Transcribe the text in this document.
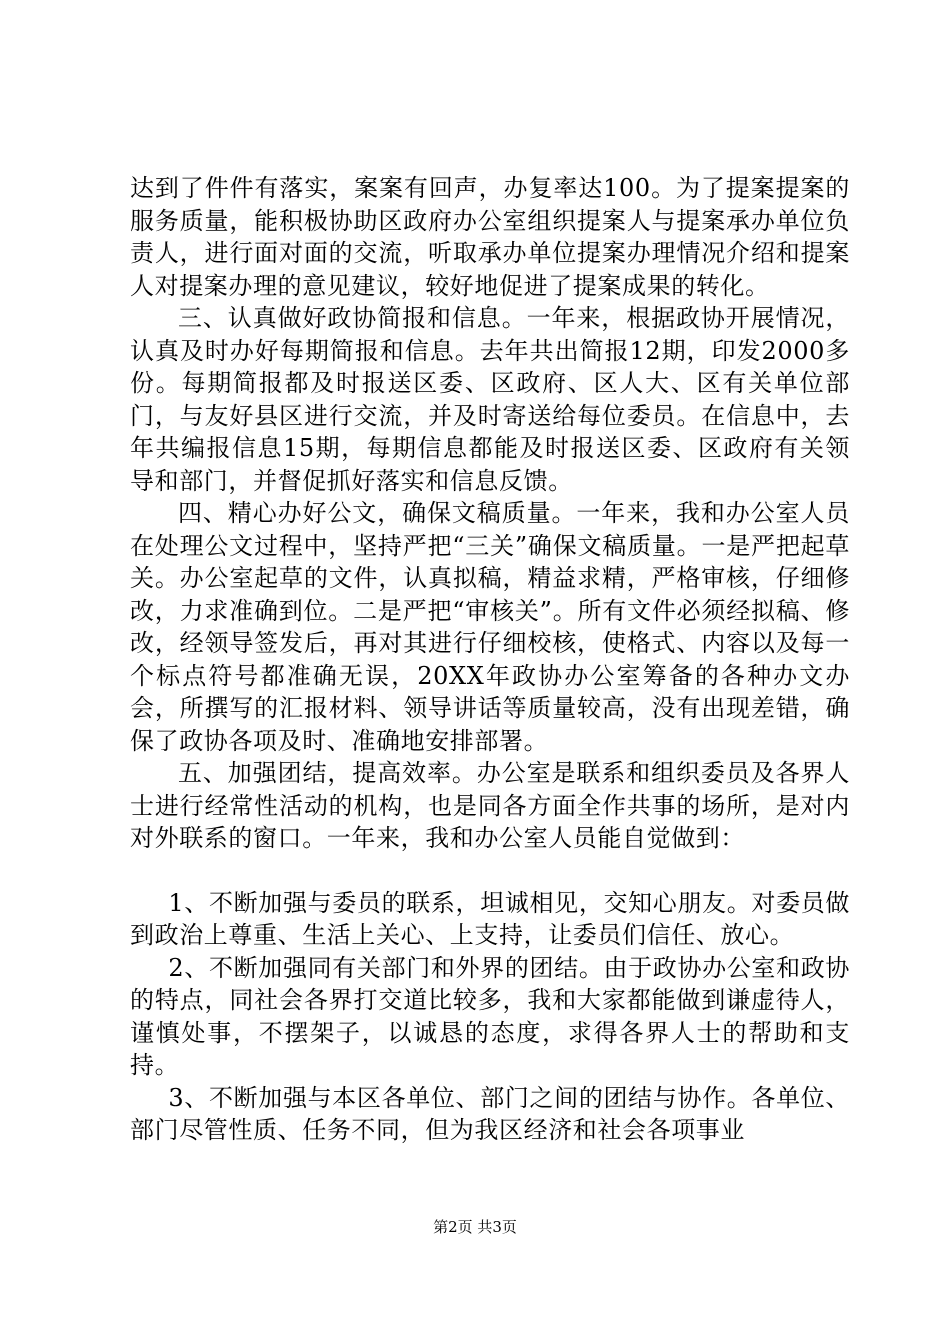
达到了件件有落实，案案有回声，办复率达100。为了提案提案的服务质量，能积极协助区政府办公室组织提案人与提案承办单位负责人，进行面对面的交流，听取承办单位提案办理情况介绍和提案人对提案办理的意见建议，较好地促进了提案成果的转化。

三、认真做好政协简报和信息。一年来，根据政协开展情况，认真及时办好每期简报和信息。去年共出简报12期，印发2000多份。每期简报都及时报送区委、区政府、区人大、区有关单位部门，与友好县区进行交流，并及时寄送给每位委员。在信息中，去年共编报信息15期，每期信息都能及时报送区委、区政府有关领导和部门，并督促抓好落实和信息反馈。

四、精心办好公文，确保文稿质量。一年来，我和办公室人员在处理公文过程中，坚持严把“三关”确保文稿质量。一是严把起草关。办公室起草的文件，认真拟稿，精益求精，严格审核，仔细修改，力求准确到位。二是严把“审核关”。所有文件必须经拟稿、修改，经领导签发后，再对其进行仔细校核，使格式、内容以及每一个标点符号都准确无误，20XX年政协办公室筹备的各种办文办会，所撰写的汇报材料、领导讲话等质量较高，没有出现差错，确保了政协各项及时、准确地安排部署。

五、加强团结，提高效率。办公室是联系和组织委员及各界人士进行经常性活动的机构，也是同各方面全作共事的场所，是对内对外联系的窗口。一年来，我和办公室人员能自觉做到：

1、不断加强与委员的联系，坦诚相见，交知心朋友。对委员做到政治上尊重、生活上关心、上支持，让委员们信任、放心。

2、不断加强同有关部门和外界的团结。由于政协办公室和政协的特点，同社会各界打交道比较多，我和大家都能做到谦虚待人，谨慎处事，不摆架子，以诚恳的态度，求得各界人士的帮助和支持。

3、不断加强与本区各单位、部门之间的团结与协作。各单位、部门尽管性质、任务不同，但为我区经济和社会各项事业

第2页 共3页
